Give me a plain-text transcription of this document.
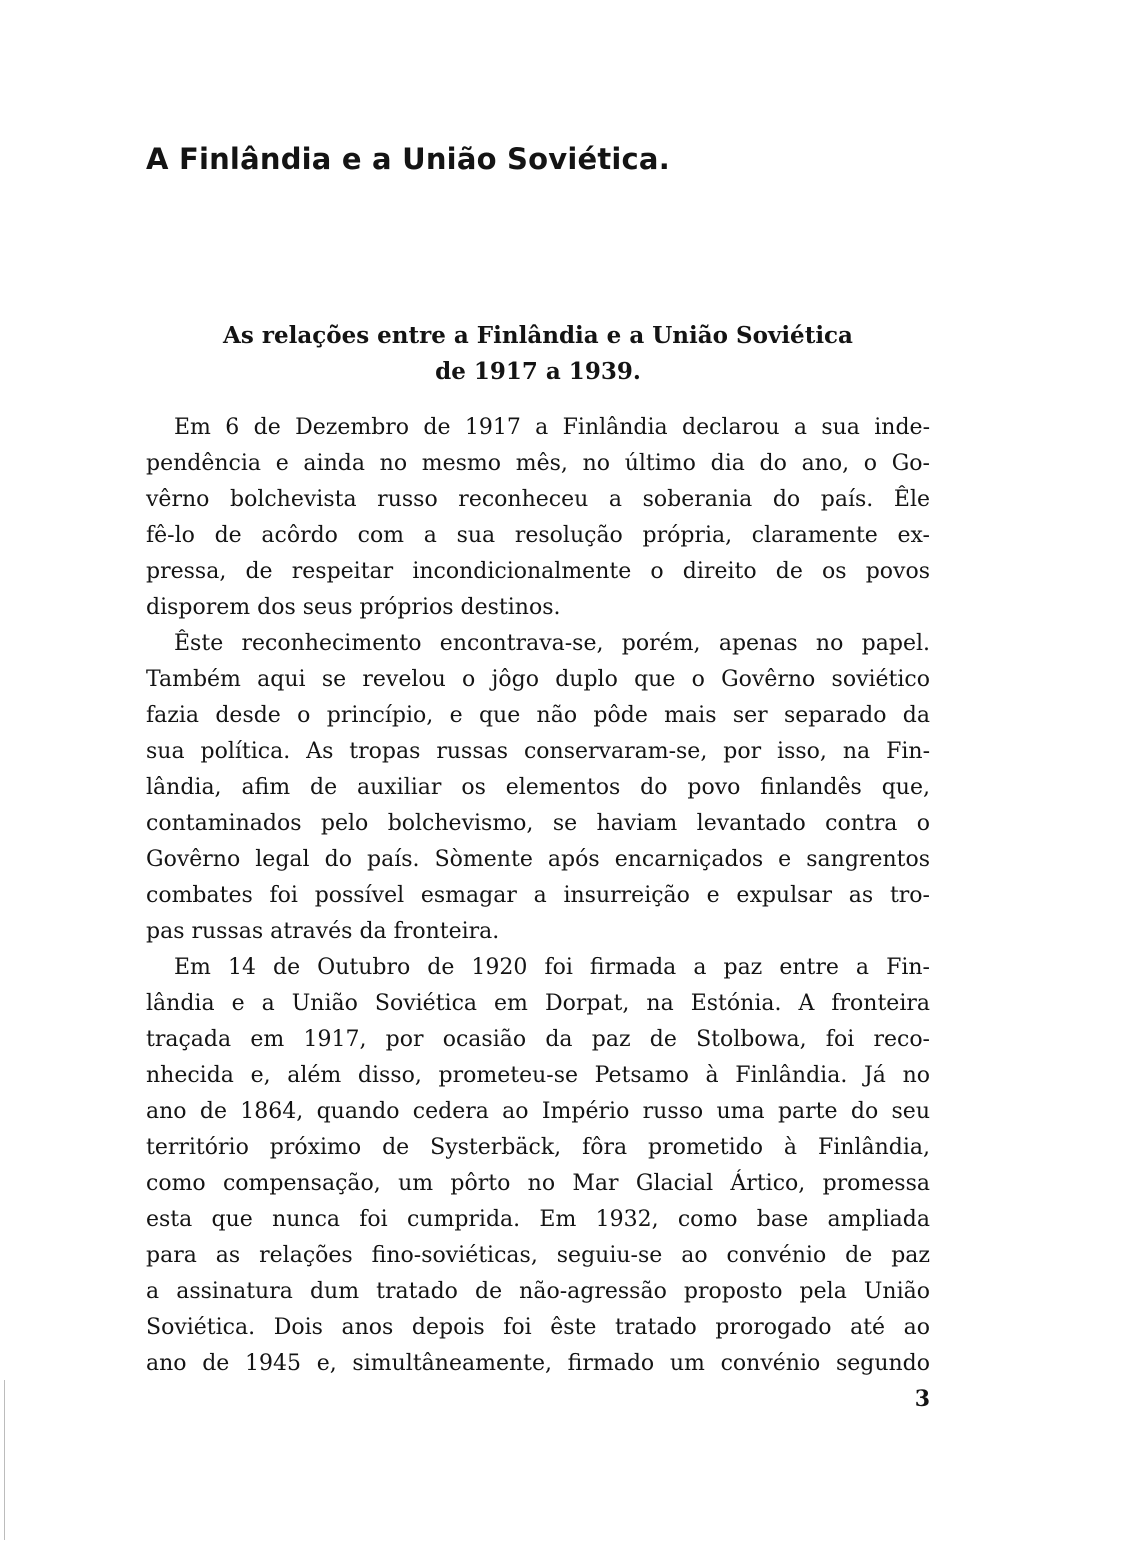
A Finlândia e a União Soviética.
As relações entre a Finlândia e a União Soviética
de 1917 a 1939.

Em 6 de Dezembro de 1917 a Finlândia declarou a sua inde-
pendência e ainda no mesmo mês, no último dia do ano, o Go-
vêrno bolchevista russo reconheceu a soberania do país. Êle
fê-lo de acôrdo com a sua resolução própria, claramente ex-
pressa, de respeitar incondicionalmente o direito de os povos
disporem dos seus próprios destinos.

Êste reconhecimento encontrava-se, porém, apenas no papel.
Também aqui se revelou o jôgo duplo que o Govêrno soviético
fazia desde o princípio, e que não pôde mais ser separado da
sua política. As tropas russas conservaram-se, por isso, na Fin-
lândia, afim de auxiliar os elementos do povo finlandês que,
contaminados pelo bolchevismo, se haviam levantado contra o
Govêrno legal do país. Sòmente após encarniçados e sangrentos
combates foi possível esmagar a insurreição e expulsar as tro-
pas russas através da fronteira.

Em 14 de Outubro de 1920 foi firmada a paz entre a Fin-
lândia e a União Soviética em Dorpat, na Estónia. A fronteira
traçada em 1917, por ocasião da paz de Stolbowa, foi reco-
nhecida e, além disso, prometeu-se Petsamo à Finlândia. Já no
ano de 1864, quando cedera ao Império russo uma parte do seu
território próximo de Systerbäck, fôra prometido à Finlândia,
como compensação, um pôrto no Mar Glacial Ártico, promessa
esta que nunca foi cumprida. Em 1932, como base ampliada
para as relações fino-soviéticas, seguiu-se ao convénio de paz
a assinatura dum tratado de não-agressão proposto pela União
Soviética. Dois anos depois foi êste tratado prorogado até ao
ano de 1945 e, simultâneamente, firmado um convénio segundo

3
